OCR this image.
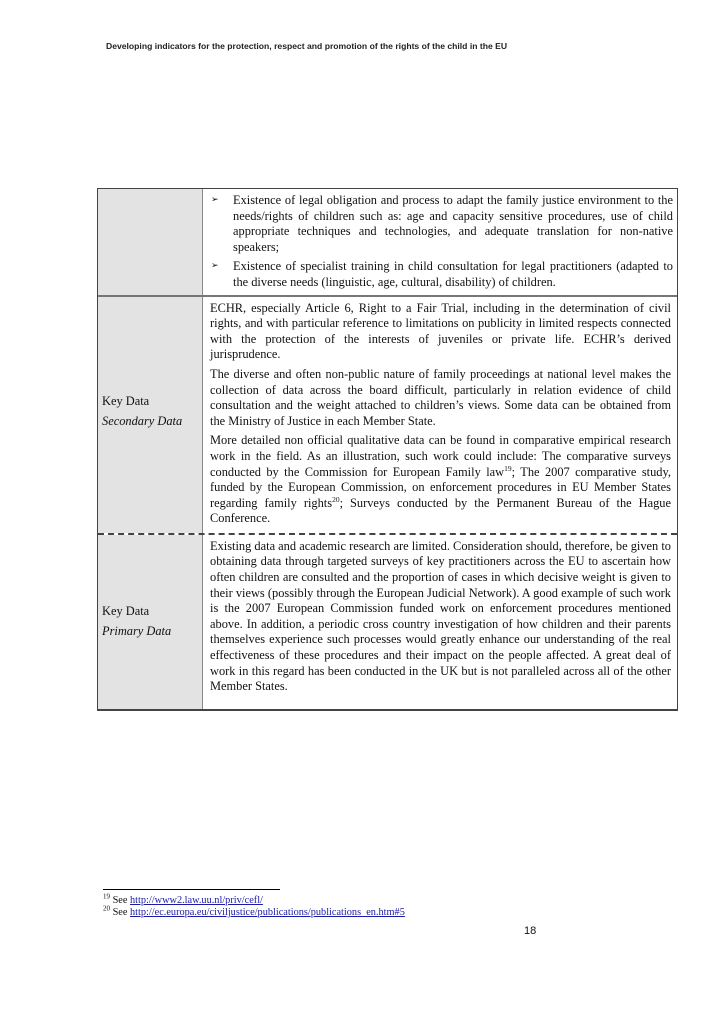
Developing indicators for the protection, respect and promotion of the rights of the child in the EU
➢	Existence of legal obligation and process to adapt the family justice environment to the needs/rights of children such as: age and capacity sensitive procedures, use of child appropriate techniques and technologies, and adequate translation for non-native speakers;
➢	Existence of specialist training in child consultation for legal practitioners (adapted to the diverse needs (linguistic, age, cultural, disability) of children.
Key Data
Secondary Data

ECHR, especially Article 6, Right to a Fair Trial, including in the determination of civil rights, and with particular reference to limitations on publicity in limited respects connected with the protection of the interests of juveniles or private life. ECHR’s derived jurisprudence.

The diverse and often non-public nature of family proceedings at national level makes the collection of data across the board difficult, particularly in relation evidence of child consultation and the weight attached to children’s views. Some data can be obtained from the Ministry of Justice in each Member State.

More detailed non official qualitative data can be found in comparative empirical research work in the field. As an illustration, such work could include: The comparative surveys conducted by the Commission for European Family law$^{19}$; The 2007 comparative study, funded by the European Commission, on enforcement procedures in EU Member States regarding family rights$^{20}$; Surveys conducted by the Permanent Bureau of the Hague Conference.

Key Data
Primary Data

Existing data and academic research are limited. Consideration should, therefore, be given to obtaining data through targeted surveys of key practitioners across the EU to ascertain how often children are consulted and the proportion of cases in which decisive weight is given to their views (possibly through the European Judicial Network). A good example of such work is the 2007 European Commission funded work on enforcement procedures mentioned above. In addition, a periodic cross country investigation of how children and their parents themselves experience such processes would greatly enhance our understanding of the real effectiveness of these procedures and their impact on the people affected. A great deal of work in this regard has been conducted in the UK but is not paralleled across all of the other Member States.

$^{19}$ See http://www2.law.uu.nl/priv/cefl/
$^{20}$ See http://ec.europa.eu/civiljustice/publications/publications_en.htm#5
18
